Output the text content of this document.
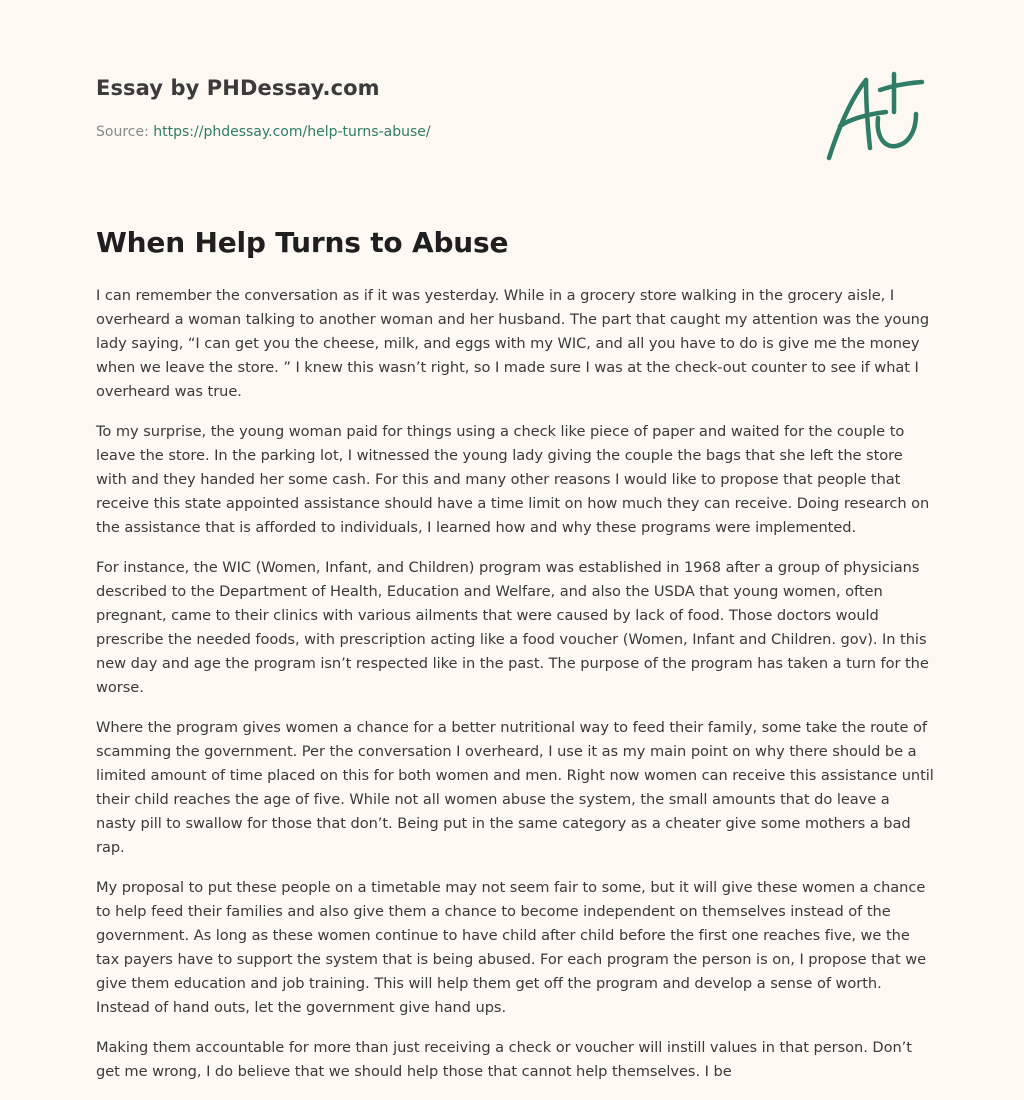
Essay by PHDessay.com
Source: https://phdessay.com/help-turns-abuse/
When Help Turns to Abuse

I can remember the conversation as if it was yesterday. While in a grocery store walking in the grocery aisle, I overheard a woman talking to another woman and her husband. The part that caught my attention was the young lady saying, “I can get you the cheese, milk, and eggs with my WIC, and all you have to do is give me the money when we leave the store. ” I knew this wasn’t right, so I made sure I was at the check-out counter to see if what I overheard was true.

To my surprise, the young woman paid for things using a check like piece of paper and waited for the couple to leave the store. In the parking lot, I witnessed the young lady giving the couple the bags that she left the store with and they handed her some cash. For this and many other reasons I would like to propose that people that receive this state appointed assistance should have a time limit on how much they can receive. Doing research on the assistance that is afforded to individuals, I learned how and why these programs were implemented.

For instance, the WIC (Women, Infant, and Children) program was established in 1968 after a group of physicians described to the Department of Health, Education and Welfare, and also the USDA that young women, often pregnant, came to their clinics with various ailments that were caused by lack of food. Those doctors would prescribe the needed foods, with prescription acting like a food voucher (Women, Infant and Children. gov). In this new day and age the program isn’t respected like in the past. The purpose of the program has taken a turn for the worse.

Where the program gives women a chance for a better nutritional way to feed their family, some take the route of scamming the government. Per the conversation I overheard, I use it as my main point on why there should be a limited amount of time placed on this for both women and men. Right now women can receive this assistance until their child reaches the age of five. While not all women abuse the system, the small amounts that do leave a nasty pill to swallow for those that don’t. Being put in the same category as a cheater give some mothers a bad rap.

My proposal to put these people on a timetable may not seem fair to some, but it will give these women a chance to help feed their families and also give them a chance to become independent on themselves instead of the government. As long as these women continue to have child after child before the first one reaches five, we the tax payers have to support the system that is being abused. For each program the person is on, I propose that we give them education and job training. This will help them get off the program and develop a sense of worth. Instead of hand outs, let the government give hand ups.

Making them accountable for more than just receiving a check or voucher will instill values in that person. Don’t get me wrong, I do believe that we should help those that cannot help themselves. I be
